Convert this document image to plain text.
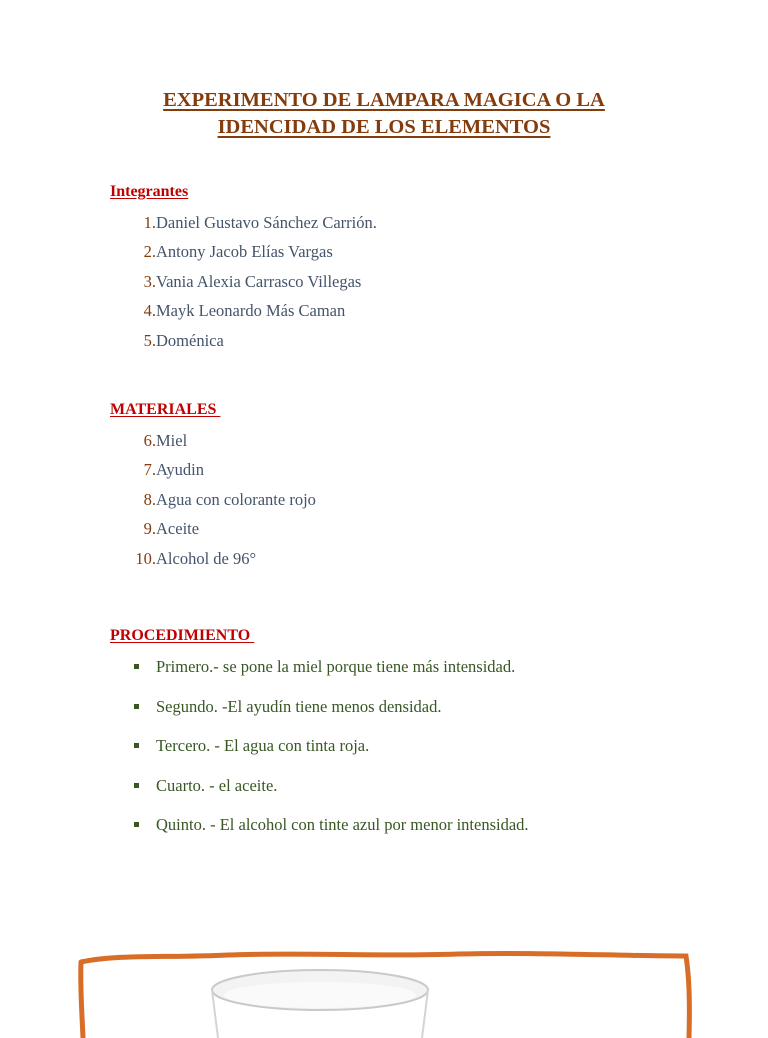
EXPERIMENTO DE LAMPARA MAGICA O LA
IDENCIDAD DE LOS ELEMENTOS
Integrantes
1. Daniel Gustavo Sánchez Carrión.
2. Antony Jacob Elías Vargas
3. Vania Alexia Carrasco Villegas
4. Mayk Leonardo Más Caman
5. Doménica
MATERIALES
6. Miel
7. Ayudin
8. Agua con colorante rojo
9. Aceite
10. Alcohol de 96°
PROCEDIMIENTO
Primero.- se pone la miel porque tiene más intensidad.
Segundo. -El ayudín tiene menos densidad.
Tercero. - El agua con tinta roja.
Cuarto. - el aceite.
Quinto. - El alcohol con tinte azul por menor intensidad.
